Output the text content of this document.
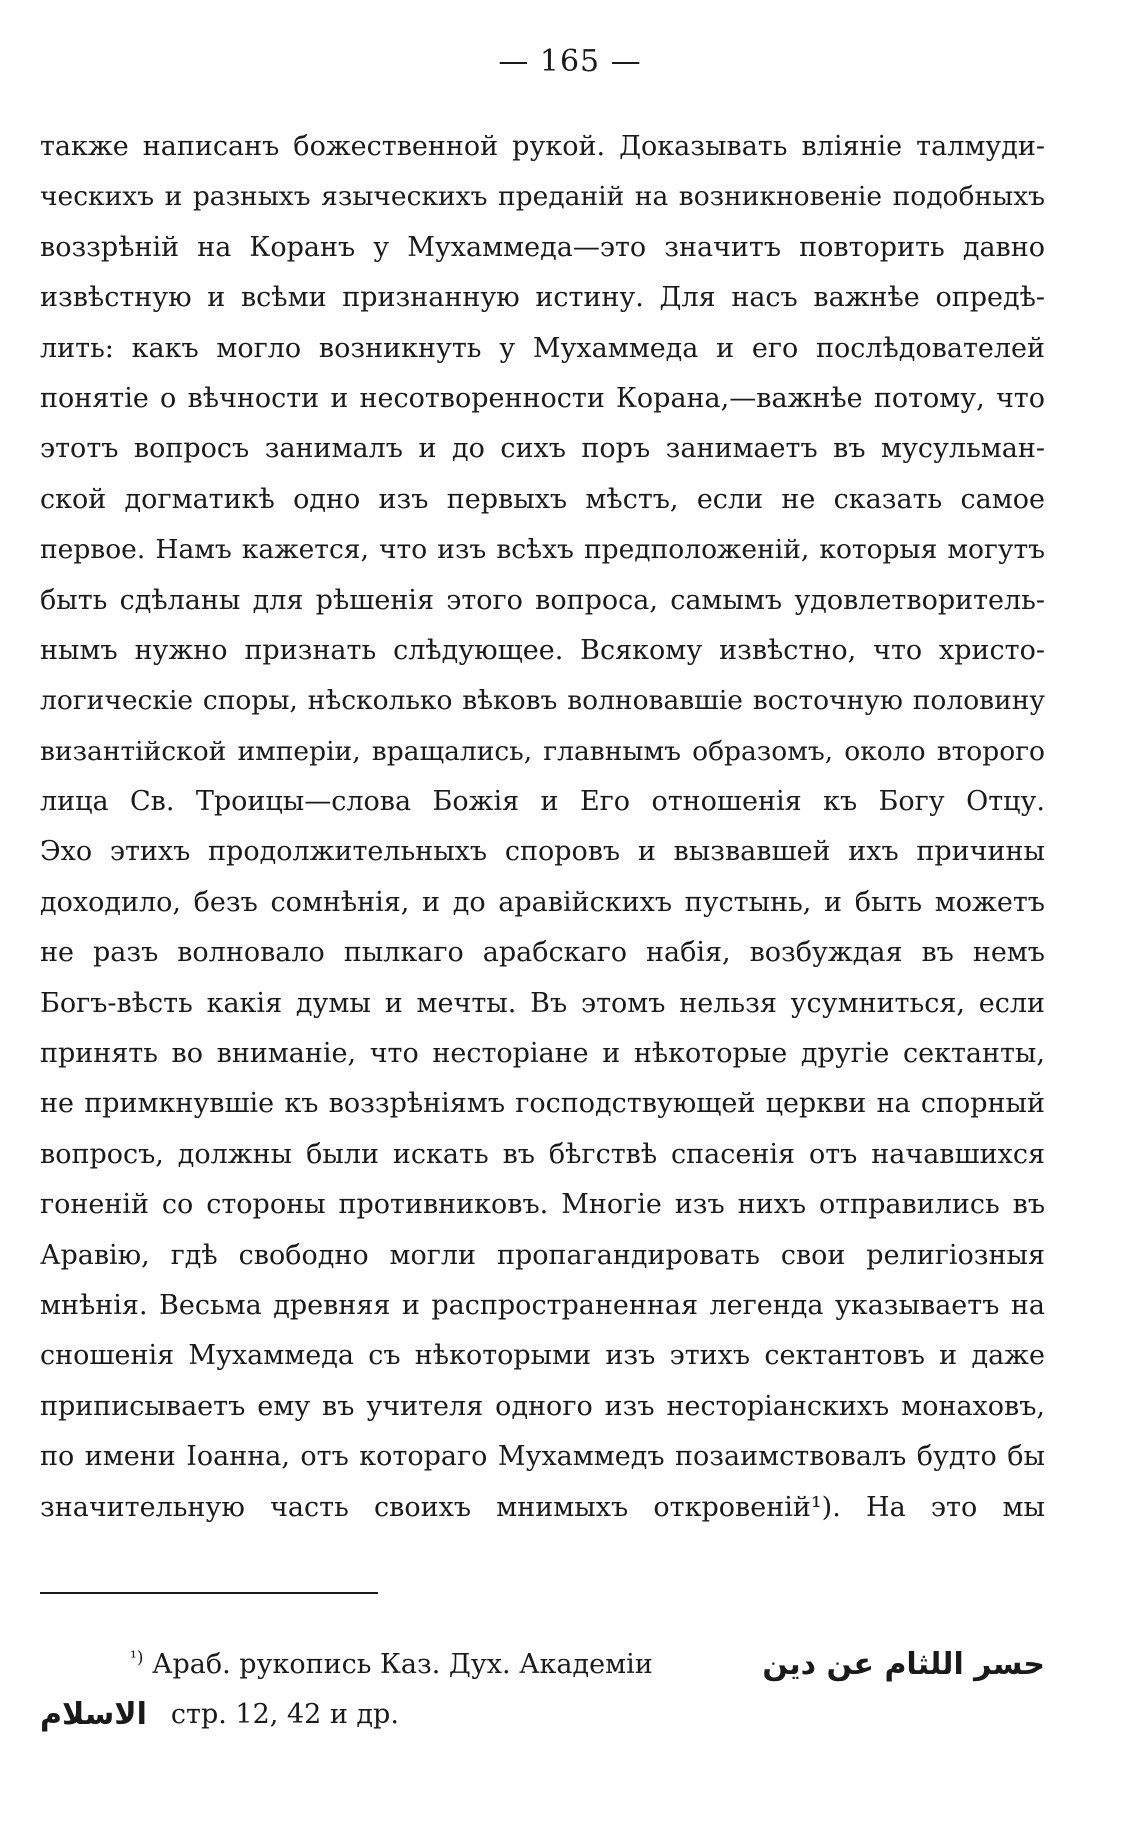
— 165 —
также написанъ божественной рукой. Доказывать вліяніе талмуди-
ческихъ и разныхъ языческихъ преданій на возникновеніе подобныхъ
воззрѣній на Коранъ у Мухаммеда—это значитъ повторить давно
извѣстную и всѣми признанную истину. Для насъ важнѣе опредѣ-
лить: какъ могло возникнуть у Мухаммеда и его послѣдователей
понятіе о вѣчности и несотворенности Корана,—важнѣе потому, что
этотъ вопросъ занималъ и до сихъ поръ занимаетъ въ мусульман-
ской догматикѣ одно изъ первыхъ мѣстъ, если не сказать самое
первое. Намъ кажется, что изъ всѣхъ предположеній, которыя могутъ
быть сдѣланы для рѣшенія этого вопроса, самымъ удовлетворитель-
нымъ нужно признать слѣдующее. Всякому извѣстно, что христо-
логическіе споры, нѣсколько вѣковъ волновавшіе восточную половину
византійской имперіи, вращались, главнымъ образомъ, около второго
лица Св. Троицы—слова Божія и Его отношенія къ Богу Отцу.
Эхо этихъ продолжительныхъ споровъ и вызвавшей ихъ причины
доходило, безъ сомнѣнія, и до аравійскихъ пустынь, и быть можетъ
не разъ волновало пылкаго арабскаго набія, возбуждая въ немъ
Богъ-вѣсть какія думы и мечты. Въ этомъ нельзя усумниться, если
принять во вниманіе, что несторіане и нѣкоторые другіе сектанты,
не примкнувшіе къ воззрѣніямъ господствующей церкви на спорный
вопросъ, должны были искать въ бѣгствѣ спасенія отъ начавшихся
гоненій со стороны противниковъ. Многіе изъ нихъ отправились въ
Аравію, гдѣ свободно могли пропагандировать свои религіозныя
мнѣнія. Весьма древняя и распространенная легенда указываетъ на
сношенія Мухаммеда съ нѣкоторыми изъ этихъ сектантовъ и даже
приписываетъ ему въ учителя одного изъ несторіанскихъ монаховъ,
по имени Іоанна, отъ котораго Мухаммедъ позаимствовалъ будто бы
значительную часть своихъ мнимыхъ откровеній¹). На это мы
$^{^1)}$ Араб. рукопись Каз. Дух. Академіи	حسر اللثام عن دين
الاسلام стр. 12, 42 и др.
